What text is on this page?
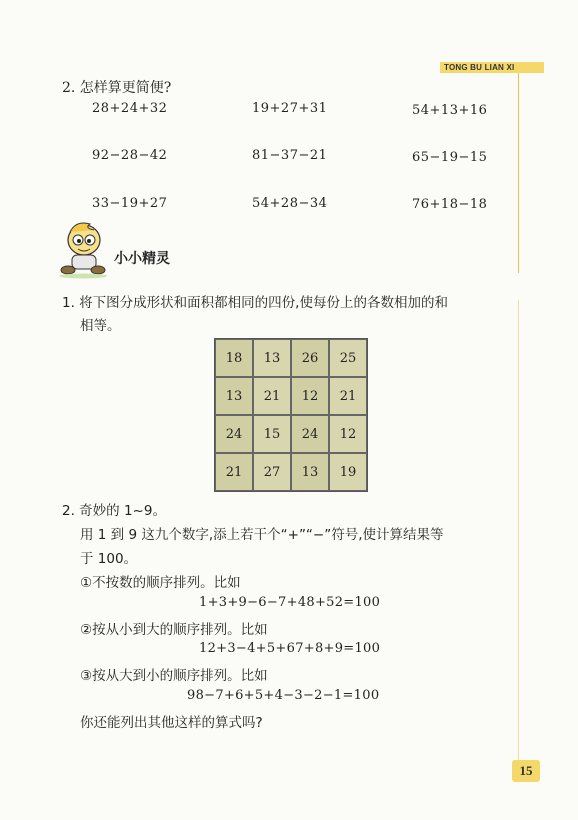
TONG BU LIAN XI
2. 怎样算更简便?
28+24+32	19+27+31	54+13+16
92−28−42	81−37−21	65−19−15
33−19+27	54+28−34	76+18−18
小小精灵
1. 将下图分成形状和面积都相同的四份,使每份上的各数相加的和
相等。
18	13	26	25
13	21	12	21
24	15	24	12
21	27	13	19
2. 奇妙的 1~9。
用 1 到 9 这九个数字,添上若干个“+”“−”符号,使计算结果等
于 100。
①不按数的顺序排列。比如
1+3+9−6−7+48+52=100
②按从小到大的顺序排列。比如
12+3−4+5+67+8+9=100
③按从大到小的顺序排列。比如
98−7+6+5+4−3−2−1=100
你还能列出其他这样的算式吗?
15
